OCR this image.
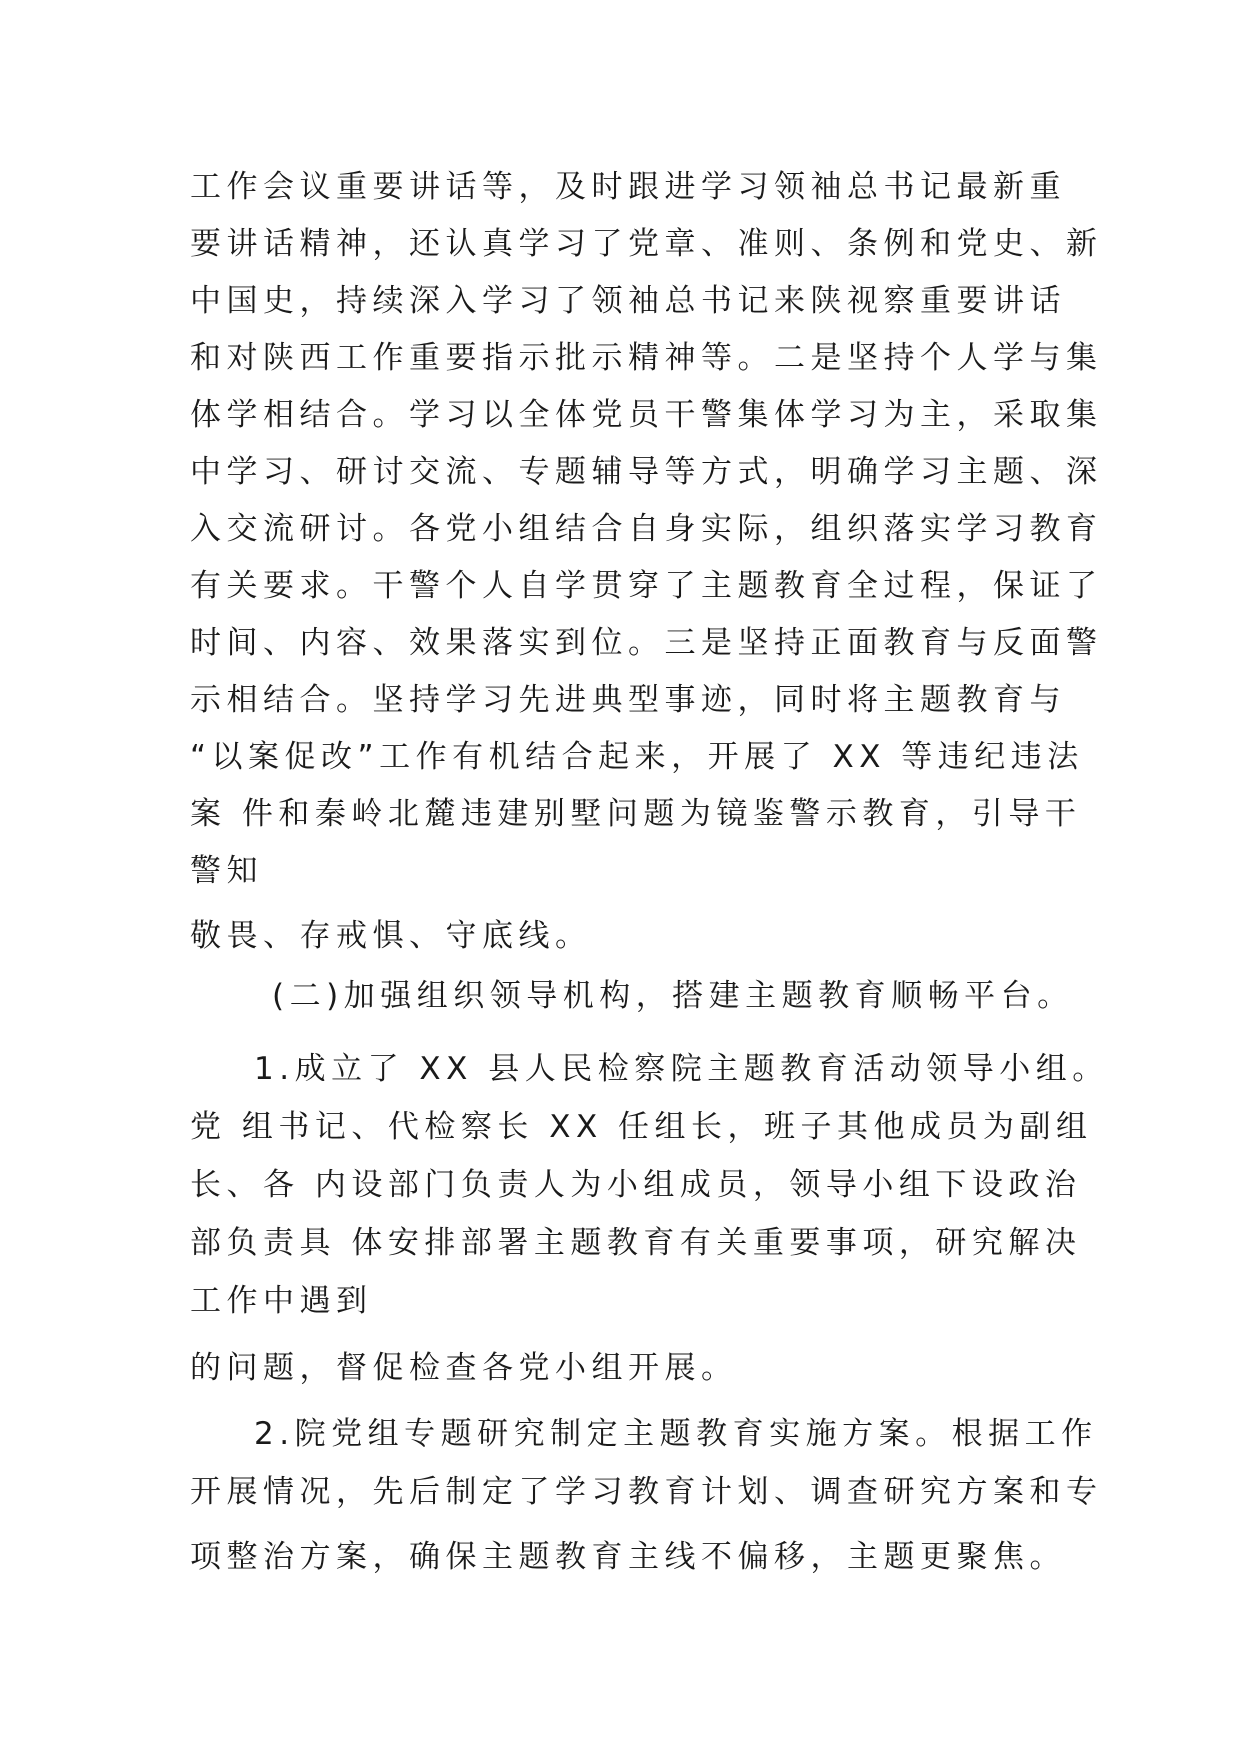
工作会议重要讲话等，及时跟进学习领袖总书记最新重

要讲话精神，还认真学习了党章、准则、条例和党史、新

中国史，持续深入学习了领袖总书记来陕视察重要讲话

和对陕西工作重要指示批示精神等。二是坚持个人学与集

体学相结合。学习以全体党员干警集体学习为主，采取集

中学习、研讨交流、专题辅导等方式，明确学习主题、深

入交流研讨。各党小组结合自身实际，组织落实学习教育

有关要求。干警个人自学贯穿了主题教育全过程，保证了

时间、内容、效果落实到位。三是坚持正面教育与反面警

示相结合。坚持学习先进典型事迹，同时将主题教育与

“以案促改”工作有机结合起来，开展了 XX 等违纪违法

案 件和秦岭北麓违建别墅问题为镜鉴警示教育，引导干

警知

敬畏、存戒惧、守底线。

(二)加强组织领导机构，搭建主题教育顺畅平台。

1.成立了 XX 县人民检察院主题教育活动领导小组。

党 组书记、代检察长 XX 任组长，班子其他成员为副组

长、各 内设部门负责人为小组成员，领导小组下设政治

部负责具 体安排部署主题教育有关重要事项，研究解决

工作中遇到

的问题，督促检查各党小组开展。

2.院党组专题研究制定主题教育实施方案。根据工作

开展情况，先后制定了学习教育计划、调查研究方案和专

项整治方案，确保主题教育主线不偏移，主题更聚焦。
